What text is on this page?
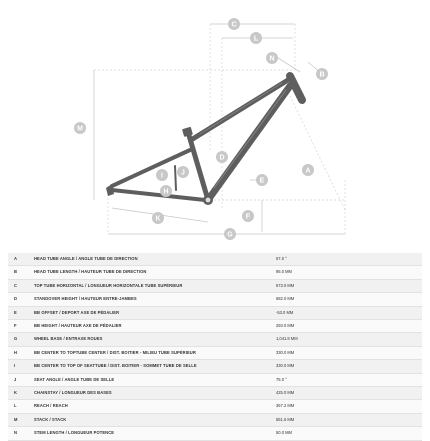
A
B
C
D
E
F
G
H
I	J
K
L
M
N
A	HEAD TUBE ANGLE / ANGLE TUBE DE DIRECTION	67.0 °
B	HEAD TUBE LENGTH / HAUTEUR TUBE DE DIRECTION	95.0 MM
C	TOP TUBE HORIZONTAL / LONGUEUR HORIZONTALE TUBE SUPÉRIEUR	573.0 MM
D	STANDOVER HEIGHT / HAUTEUR ENTRE-JAMBES	682.0 MM
E	BB OFFSET / DEPORT AXE DE PÉDALIER	-53.0 MM
F	BB HEIGHT / HAUTEUR AXE DE PÉDALIER	293.0 MM
G	WHEEL BASE / ENTRAXE ROUES	1,041.8 MM
H	BB CENTER TO TOPTUBE CENTER / DIST. BOITIER - MILIEU TUBE SUPÉRIEUR	330.0 MM
I	BB CENTER TO TOP OF SEATTUBE / DIST. BOITIER - SOMMET TUBE DE SELLE	330.0 MM
J	SEAT ANGLE / ANGLE TUBE DE SELLE	75.0 °
K	CHAINSTAY / LONGUEUR DES BASES	425.0 MM
L	REACH / REACH	367.2 MM
M	STACK / STACK	551.6 MM
N	STEM LENGTH / LONGUEUR POTENCE	50.0 MM
